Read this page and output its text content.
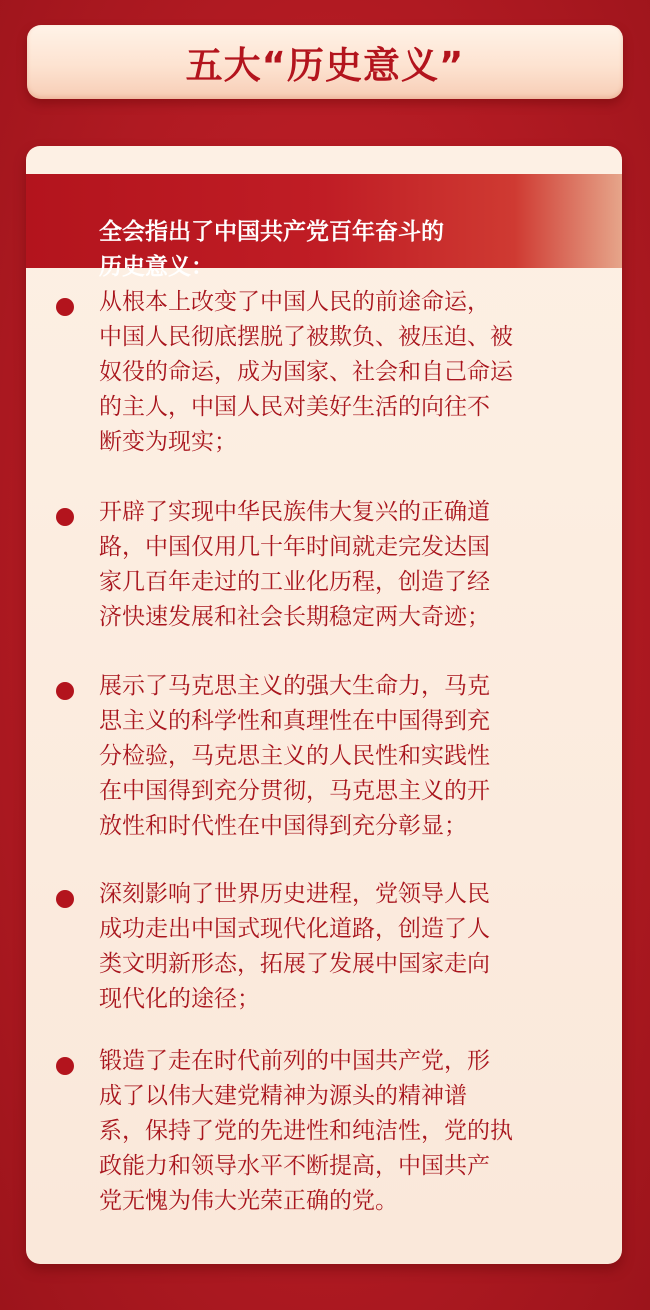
五大“历史意义”
全会指出了中国共产党百年奋斗的
历史意义：
从根本上改变了中国人民的前途命运，
中国人民彻底摆脱了被欺负、被压迫、被
奴役的命运，成为国家、社会和自己命运
的主人，中国人民对美好生活的向往不
断变为现实；
开辟了实现中华民族伟大复兴的正确道
路，中国仅用几十年时间就走完发达国
家几百年走过的工业化历程，创造了经
济快速发展和社会长期稳定两大奇迹；
展示了马克思主义的强大生命力，马克
思主义的科学性和真理性在中国得到充
分检验，马克思主义的人民性和实践性
在中国得到充分贯彻，马克思主义的开
放性和时代性在中国得到充分彰显；
深刻影响了世界历史进程，党领导人民
成功走出中国式现代化道路，创造了人
类文明新形态，拓展了发展中国家走向
现代化的途径；
锻造了走在时代前列的中国共产党，形
成了以伟大建党精神为源头的精神谱
系，保持了党的先进性和纯洁性，党的执
政能力和领导水平不断提高，中国共产
党无愧为伟大光荣正确的党。
